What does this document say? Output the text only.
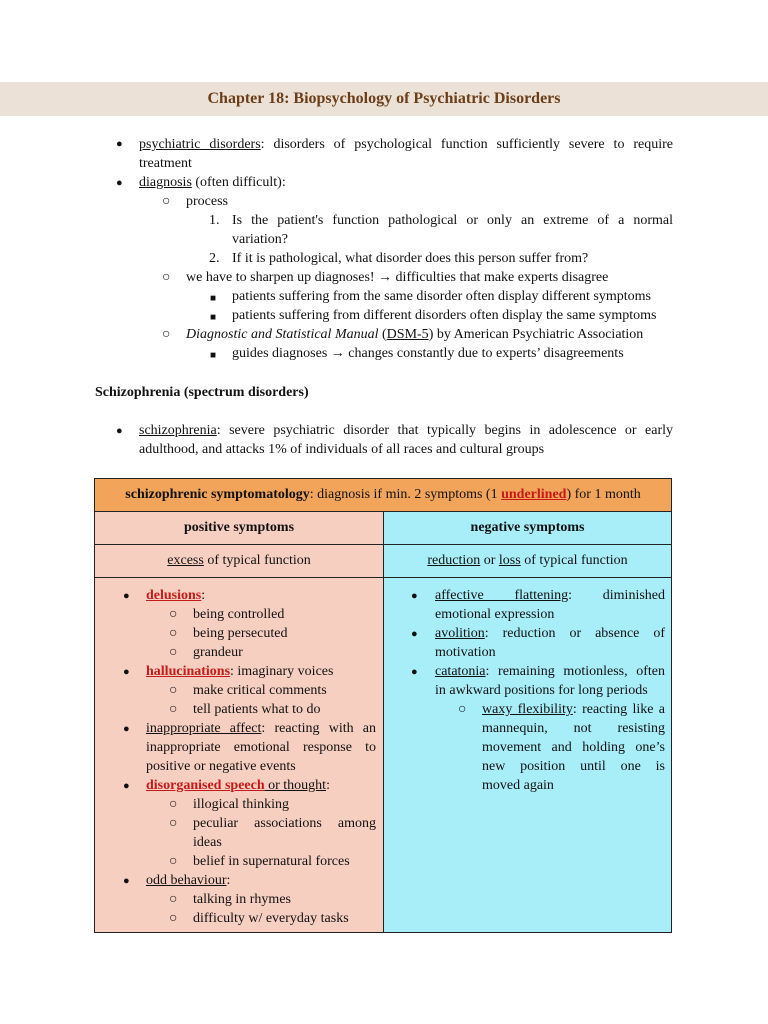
Chapter 18: Biopsychology of Psychiatric Disorders
● psychiatric disorders: disorders of psychological function sufficiently severe to require
treatment
● diagnosis (often difficult):
○ process
1. Is the patient's function pathological or only an extreme of a normal
variation?
2. If it is pathological, what disorder does this person suffer from?
○ we have to sharpen up diagnoses! → difficulties that make experts disagree
■ patients suffering from the same disorder often display different symptoms
■ patients suffering from different disorders often display the same symptoms
○ Diagnostic and Statistical Manual (DSM-5) by American Psychiatric Association
■ guides diagnoses → changes constantly due to experts’ disagreements
Schizophrenia (spectrum disorders)
● schizophrenia: severe psychiatric disorder that typically begins in adolescence or early
adulthood, and attacks 1% of individuals of all races and cultural groups
schizophrenic symptomatology: diagnosis if min. 2 symptoms (1 underlined) for 1 month
positive symptoms	negative symptoms
excess of typical function	reduction or loss of typical function
● delusions:
○ being controlled
○ being persecuted
○ grandeur
● hallucinations: imaginary voices
○ make critical comments
○ tell patients what to do
● inappropriate affect: reacting with an
inappropriate emotional response to
positive or negative events
● disorganised speech or thought:
○ illogical thinking
○ peculiar associations among
ideas
○ belief in supernatural forces
● odd behaviour:
○ talking in rhymes
○ difficulty w/ everyday tasks
● affective flattening: diminished
emotional expression
● avolition: reduction or absence of
motivation
● catatonia: remaining motionless, often
in awkward positions for long periods
○ waxy flexibility: reacting like a
mannequin, not resisting
movement and holding one’s
new position until one is
moved again
